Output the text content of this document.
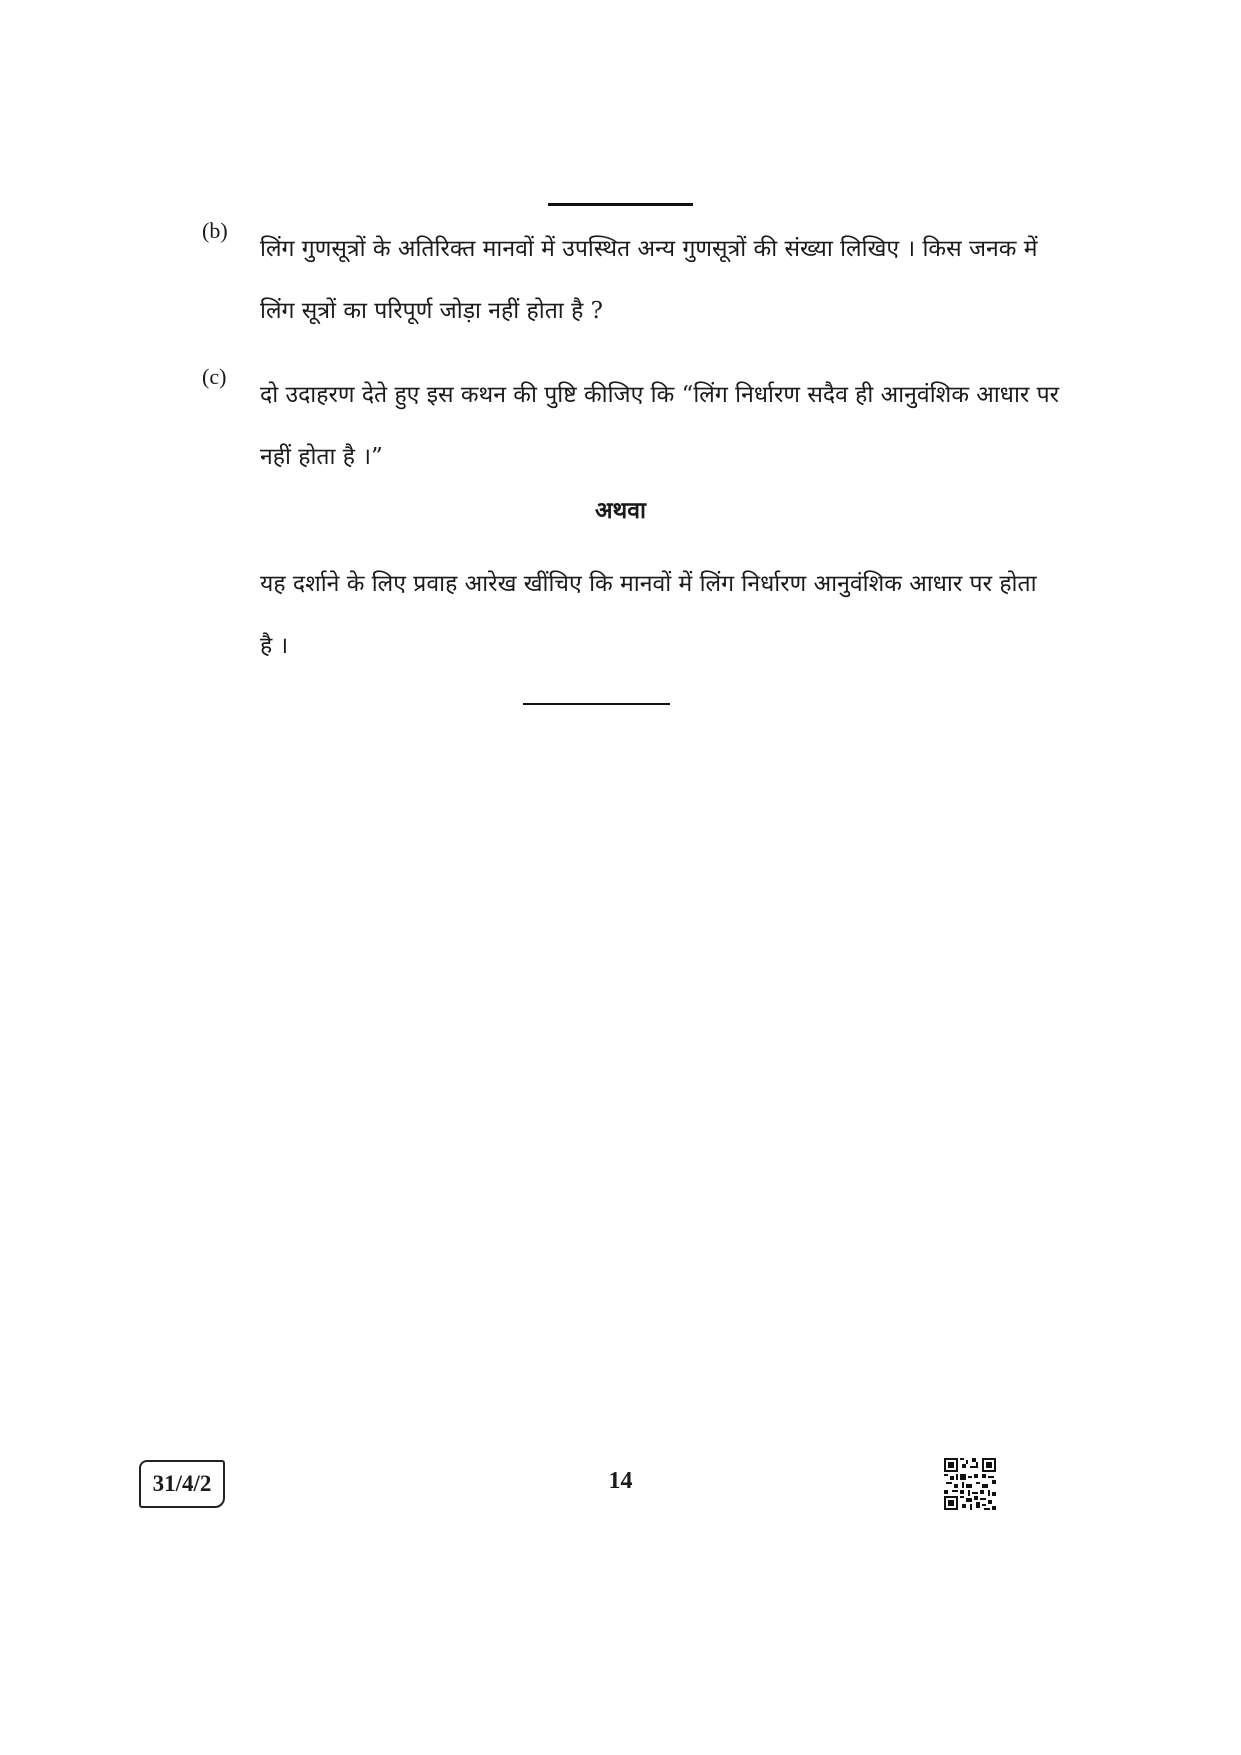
(b)
लिंग गुणसूत्रों के अतिरिक्त मानवों में उपस्थित अन्य गुणसूत्रों की संख्या लिखिए । किस जनक में
लिंग सूत्रों का परिपूर्ण जोड़ा नहीं होता है ?
(c)
दो उदाहरण देते हुए इस कथन की पुष्टि कीजिए कि “लिंग निर्धारण सदैव ही आनुवंशिक आधार पर
नहीं होता है ।”
अथवा
यह दर्शाने के लिए प्रवाह आरेख खींचिए कि मानवों में लिंग निर्धारण आनुवंशिक आधार पर होता
है ।
31/4/2	14
